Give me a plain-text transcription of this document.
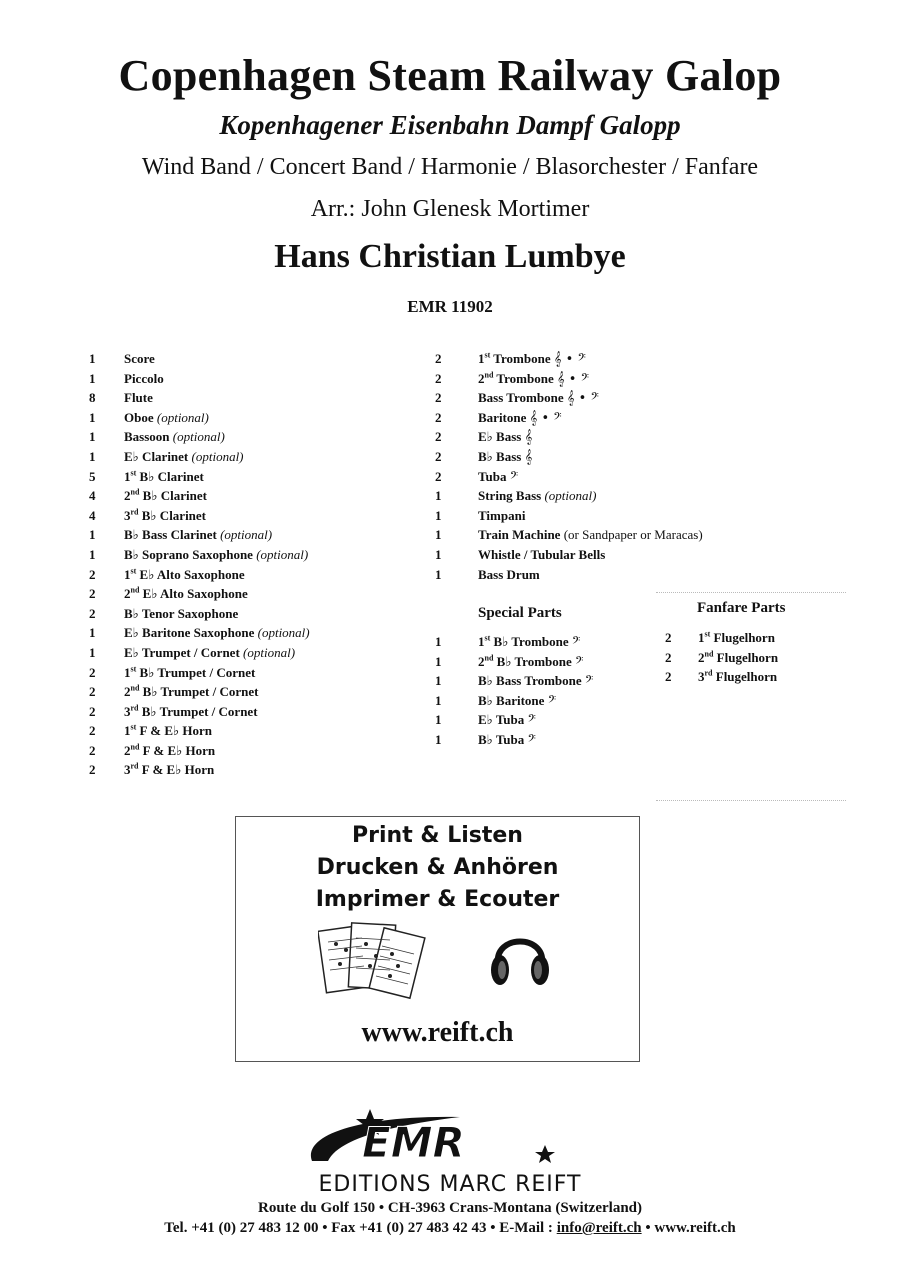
Copenhagen Steam Railway Galop
Kopenhagener Eisenbahn Dampf Galopp
Wind Band / Concert Band / Harmonie / Blasorchester / Fanfare
Arr.: John Glenesk Mortimer
Hans Christian Lumbye
EMR 11902
1 Score
1 Piccolo
8 Flute
1 Oboe (optional)
1 Bassoon (optional)
1 E♭ Clarinet (optional)
5 1st B♭ Clarinet
4 2nd B♭ Clarinet
4 3rd B♭ Clarinet
1 B♭ Bass Clarinet (optional)
1 B♭ Soprano Saxophone (optional)
2 1st E♭ Alto Saxophone
2 2nd E♭ Alto Saxophone
2 B♭ Tenor Saxophone
1 E♭ Baritone Saxophone (optional)
1 E♭ Trumpet / Cornet (optional)
2 1st B♭ Trumpet / Cornet
2 2nd B♭ Trumpet / Cornet
2 3rd B♭ Trumpet / Cornet
2 1st F & E♭ Horn
2 2nd F & E♭ Horn
2 3rd F & E♭ Horn
2	1st Trombone 𝄞 • 𝄢
2	2nd Trombone 𝄞 • 𝄢
2	Bass Trombone 𝄞 • 𝄢
2	Baritone 𝄞 • 𝄢
2	E♭ Bass 𝄞
2	B♭ Bass 𝄞
2	Tuba 𝄢
1	String Bass (optional)
1	Timpani
1	Train Machine (or Sandpaper or Maracas)
1	Whistle / Tubular Bells
1	Bass Drum
Special Parts
1	1st B♭ Trombone 𝄢
1	2nd B♭ Trombone 𝄢
1	B♭ Bass Trombone 𝄢
1	B♭ Baritone 𝄢
1	E♭ Tuba 𝄢
1	B♭ Tuba 𝄢
Fanfare Parts
2 1st Flugelhorn
2 2nd Flugelhorn
2 3rd Flugelhorn
Print & Listen
Drucken & Anhören
Imprimer & Ecouter
www.reift.ch
EMR
EDITIONS MARC REIFT
Route du Golf 150 • CH-3963 Crans-Montana (Switzerland)
Tel. +41 (0) 27 483 12 00 • Fax +41 (0) 27 483 42 43 • E-Mail : info@reift.ch • www.reift.ch
